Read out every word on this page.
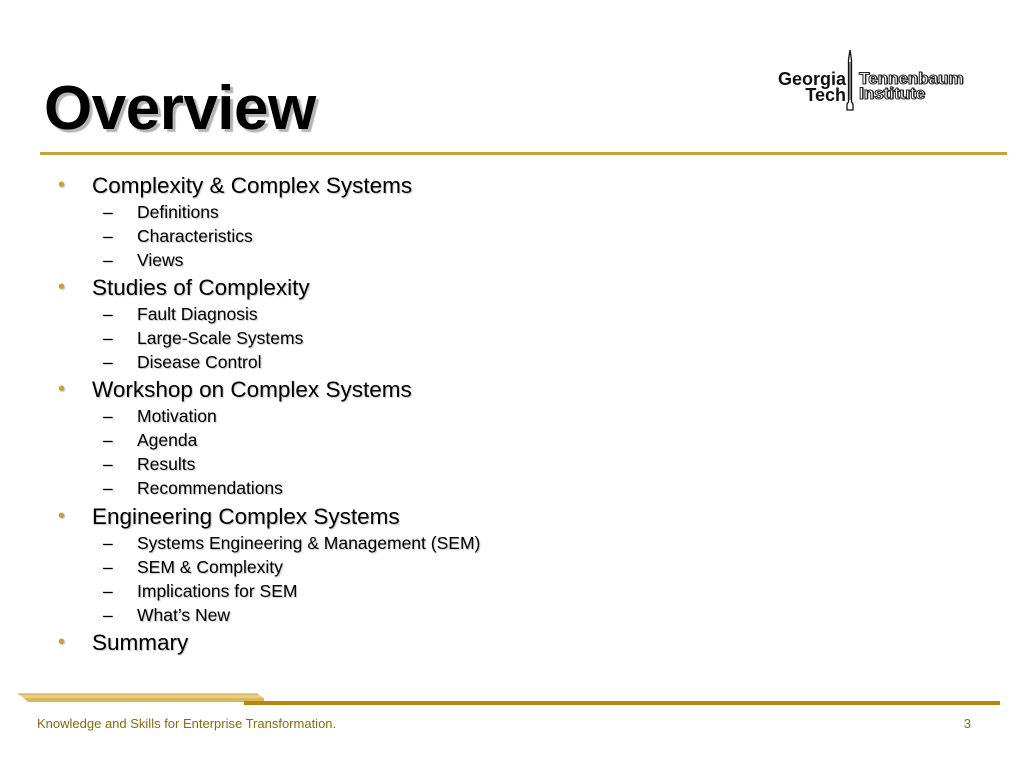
Overview	Georgia
Tech
Tennenbaum
Institute
• Complexity & Complex Systems
– Definitions
– Characteristics
– Views
• Studies of Complexity
– Fault Diagnosis
– Large-Scale Systems
– Disease Control
• Workshop on Complex Systems
– Motivation
– Agenda
– Results
– Recommendations
• Engineering Complex Systems
– Systems Engineering & Management (SEM)
– SEM & Complexity
– Implications for SEM
– What’s New
• Summary
Knowledge and Skills for Enterprise Transformation.	3
